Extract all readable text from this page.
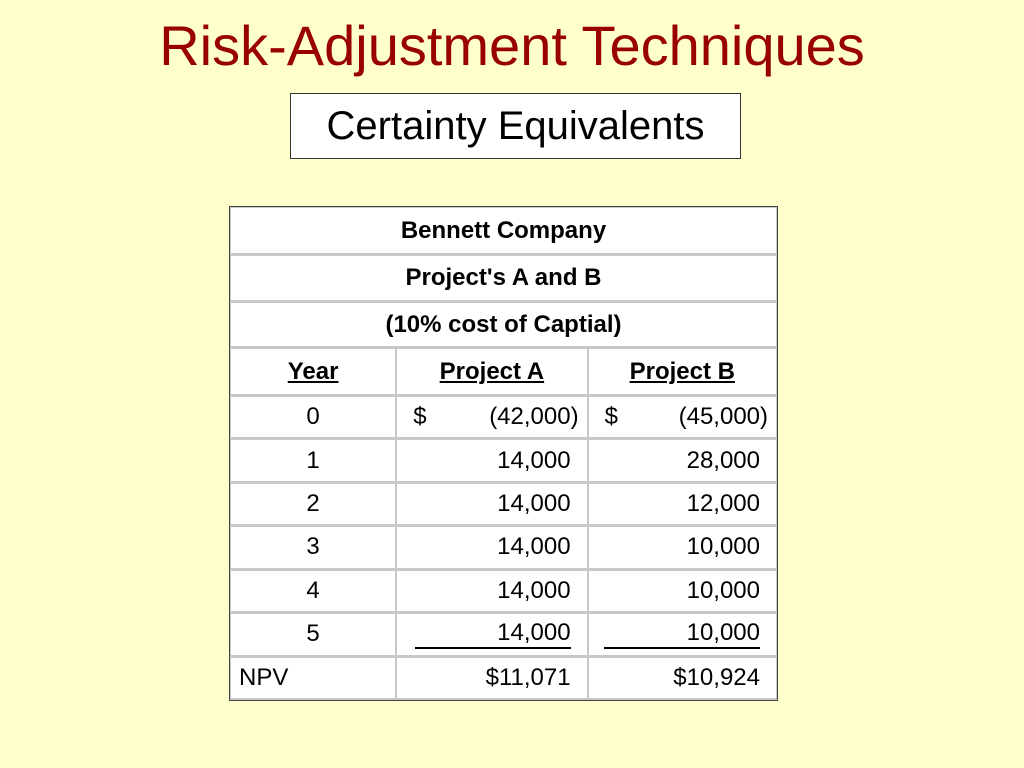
Risk-Adjustment Techniques
Certainty Equivalents
Bennett Company		
Project's A and B		
(10% cost of Captial)		
Year	Project A	Project B
0	$ (42,000)	$ (45,000)

1	14,000	28,000
2	14,000	12,000
3	14,000	10,000
4	14,000	10,000
5	14,000	10,000
NPV	$11,071	$10,924
